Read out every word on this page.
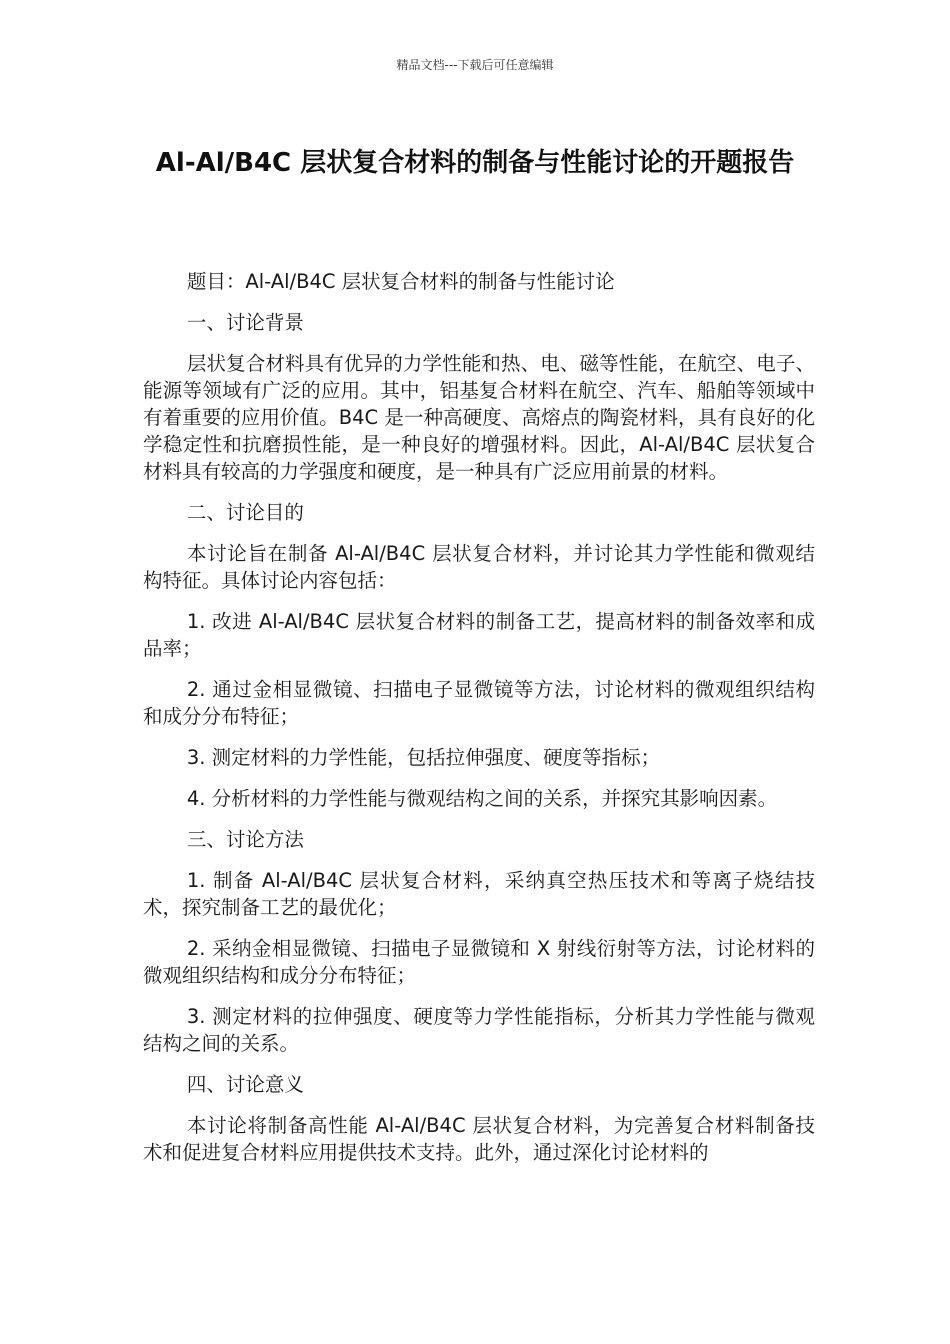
精品文档---下载后可任意编辑
Al-Al/B4C 层状复合材料的制备与性能讨论的开题报告

题目：Al-Al/B4C 层状复合材料的制备与性能讨论

一、讨论背景

层状复合材料具有优异的力学性能和热、电、磁等性能，在航空、电子、能源等领域有广泛的应用。其中，铝基复合材料在航空、汽车、船舶等领域中有着重要的应用价值。B4C 是一种高硬度、高熔点的陶瓷材料，具有良好的化学稳定性和抗磨损性能，是一种良好的增强材料。因此，Al-Al/B4C 层状复合材料具有较高的力学强度和硬度，是一种具有广泛应用前景的材料。

二、讨论目的

本讨论旨在制备 Al-Al/B4C 层状复合材料，并讨论其力学性能和微观结构特征。具体讨论内容包括：

1. 改进 Al-Al/B4C 层状复合材料的制备工艺，提高材料的制备效率和成品率；

2. 通过金相显微镜、扫描电子显微镜等方法，讨论材料的微观组织结构和成分分布特征；

3. 测定材料的力学性能，包括拉伸强度、硬度等指标；

4. 分析材料的力学性能与微观结构之间的关系，并探究其影响因素。

三、讨论方法

1. 制备 Al-Al/B4C 层状复合材料，采纳真空热压技术和等离子烧结技术，探究制备工艺的最优化；

2. 采纳金相显微镜、扫描电子显微镜和 X 射线衍射等方法，讨论材料的微观组织结构和成分分布特征；

3. 测定材料的拉伸强度、硬度等力学性能指标，分析其力学性能与微观结构之间的关系。

四、讨论意义

本讨论将制备高性能 Al-Al/B4C 层状复合材料，为完善复合材料制备技术和促进复合材料应用提供技术支持。此外，通过深化讨论材料的
